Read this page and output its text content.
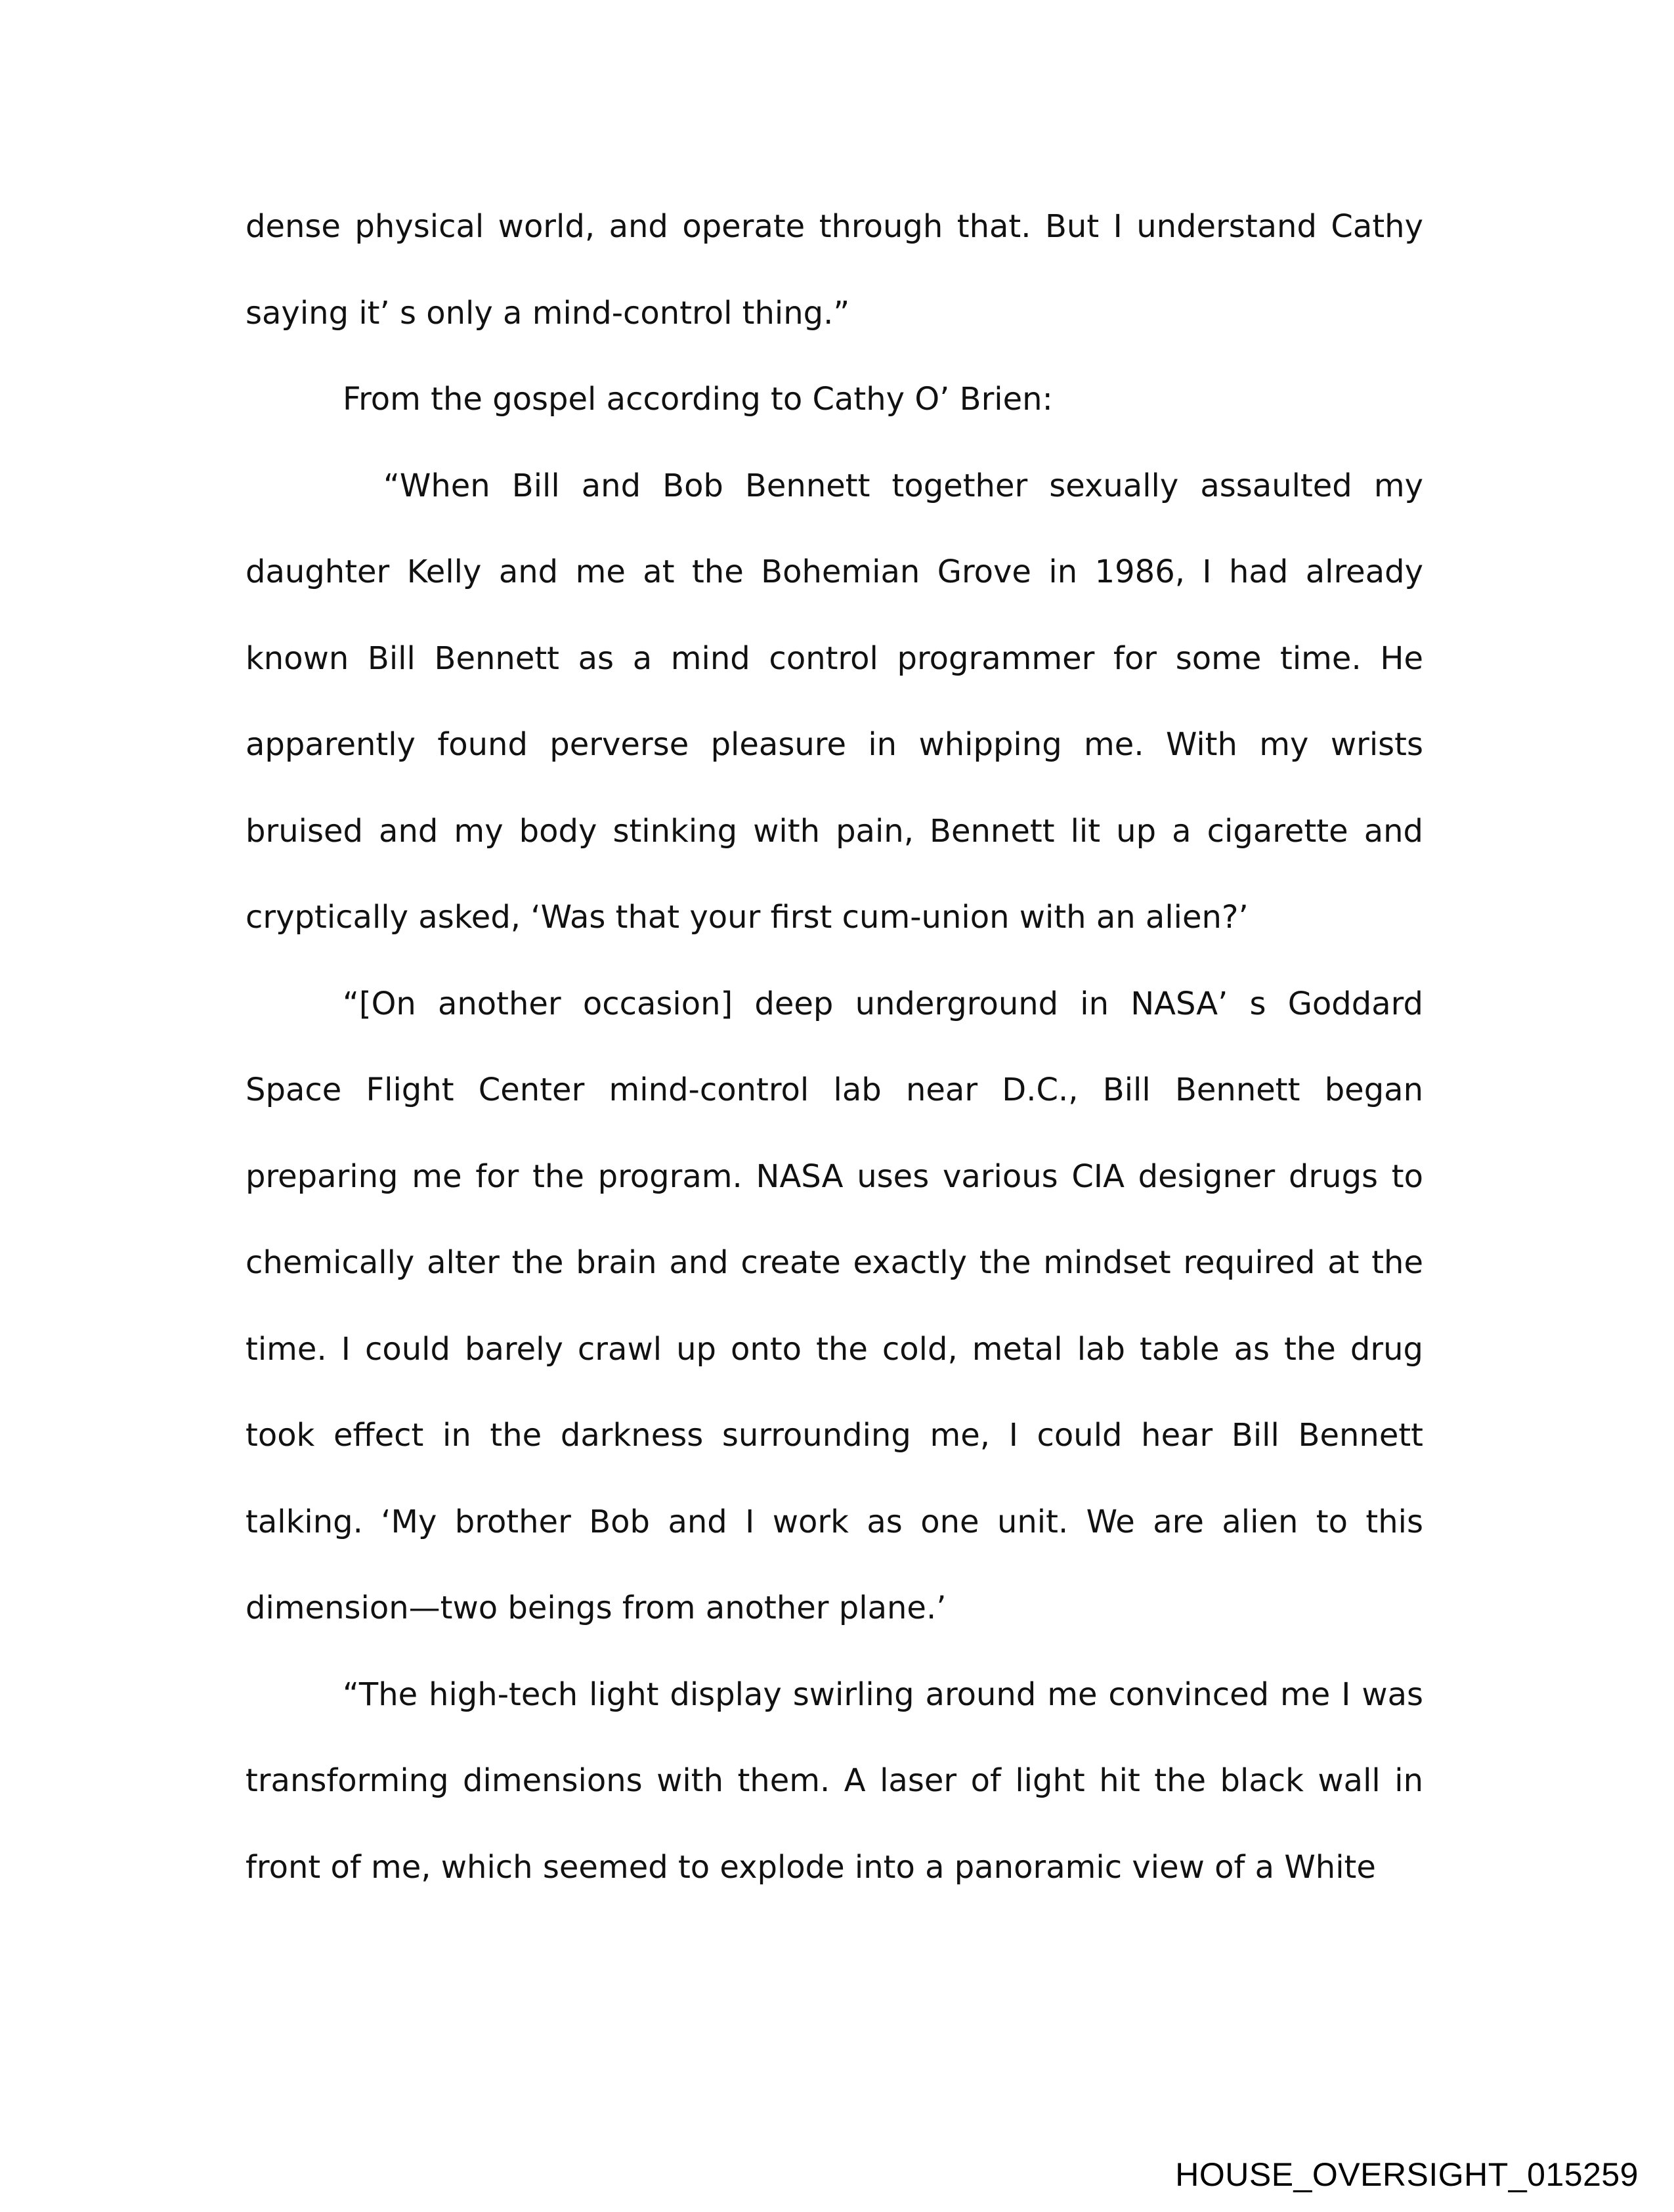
dense physical world, and operate through that. But I understand Cathy saying it’ s only a mind-control thing.”

From the gospel according to Cathy O’ Brien:

“When Bill and Bob Bennett together sexually assaulted my daughter Kelly and me at the Bohemian Grove in 1986, I had already known Bill Bennett as a mind control programmer for some time. He apparently found perverse pleasure in whipping me. With my wrists bruised and my body stinking with pain, Bennett lit up a cigarette and cryptically asked, ‘Was that your first cum-union with an alien?’

“[On another occasion] deep underground in NASA’ s Goddard Space Flight Center mind-control lab near D.C., Bill Bennett began preparing me for the program. NASA uses various CIA designer drugs to chemically alter the brain and create exactly the mindset required at the time. I could barely crawl up onto the cold, metal lab table as the drug took effect in the darkness surrounding me, I could hear Bill Bennett talking. ‘My brother Bob and I work as one unit. We are alien to this dimension—two beings from another plane.’

“The high-tech light display swirling around me convinced me I was transforming dimensions with them. A laser of light hit the black wall in front of me, which seemed to explode into a panoramic view of a White

HOUSE_OVERSIGHT_015259
